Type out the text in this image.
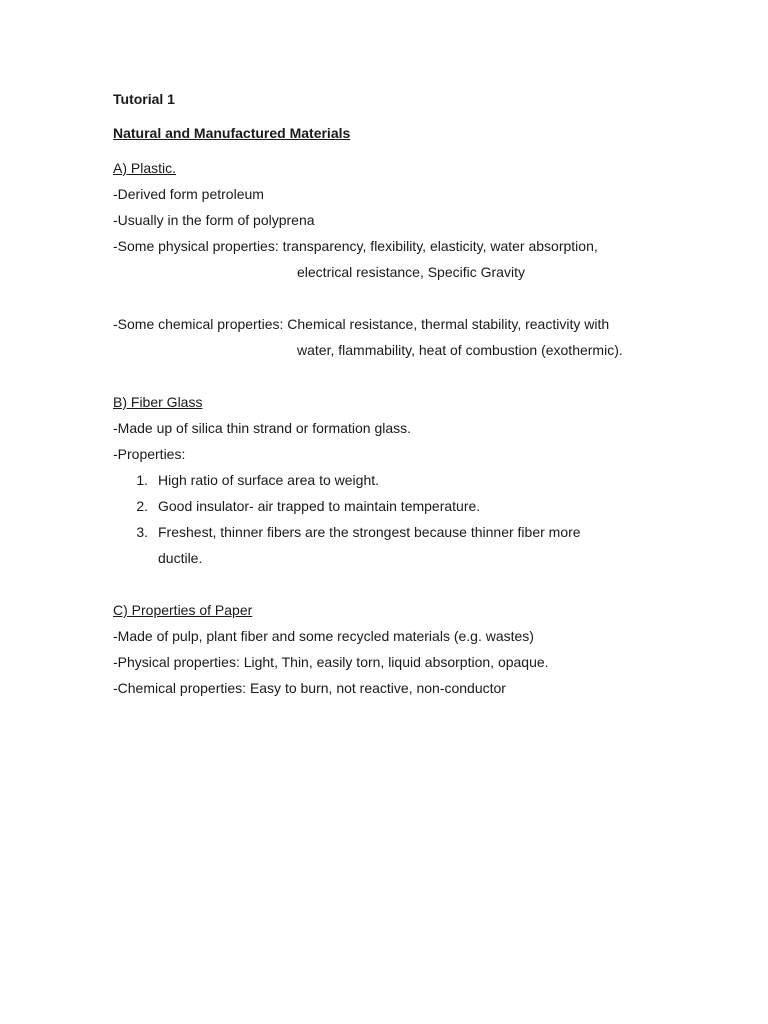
Tutorial 1
Natural and Manufactured Materials
A) Plastic.
-Derived form petroleum
-Usually in the form of polyprena
-Some physical properties: transparency, flexibility, elasticity, water absorption,
electrical resistance, Specific Gravity
-Some chemical properties: Chemical resistance, thermal stability, reactivity with
water, flammability, heat of combustion (exothermic).
B) Fiber Glass
-Made up of silica thin strand or formation glass.
-Properties:
1. High ratio of surface area to weight.
2. Good insulator- air trapped to maintain temperature.
3. Freshest, thinner fibers are the strongest because thinner fiber more
ductile.
C) Properties of Paper
-Made of pulp, plant fiber and some recycled materials (e.g. wastes)
-Physical properties: Light, Thin, easily torn, liquid absorption, opaque.
-Chemical properties: Easy to burn, not reactive, non-conductor
